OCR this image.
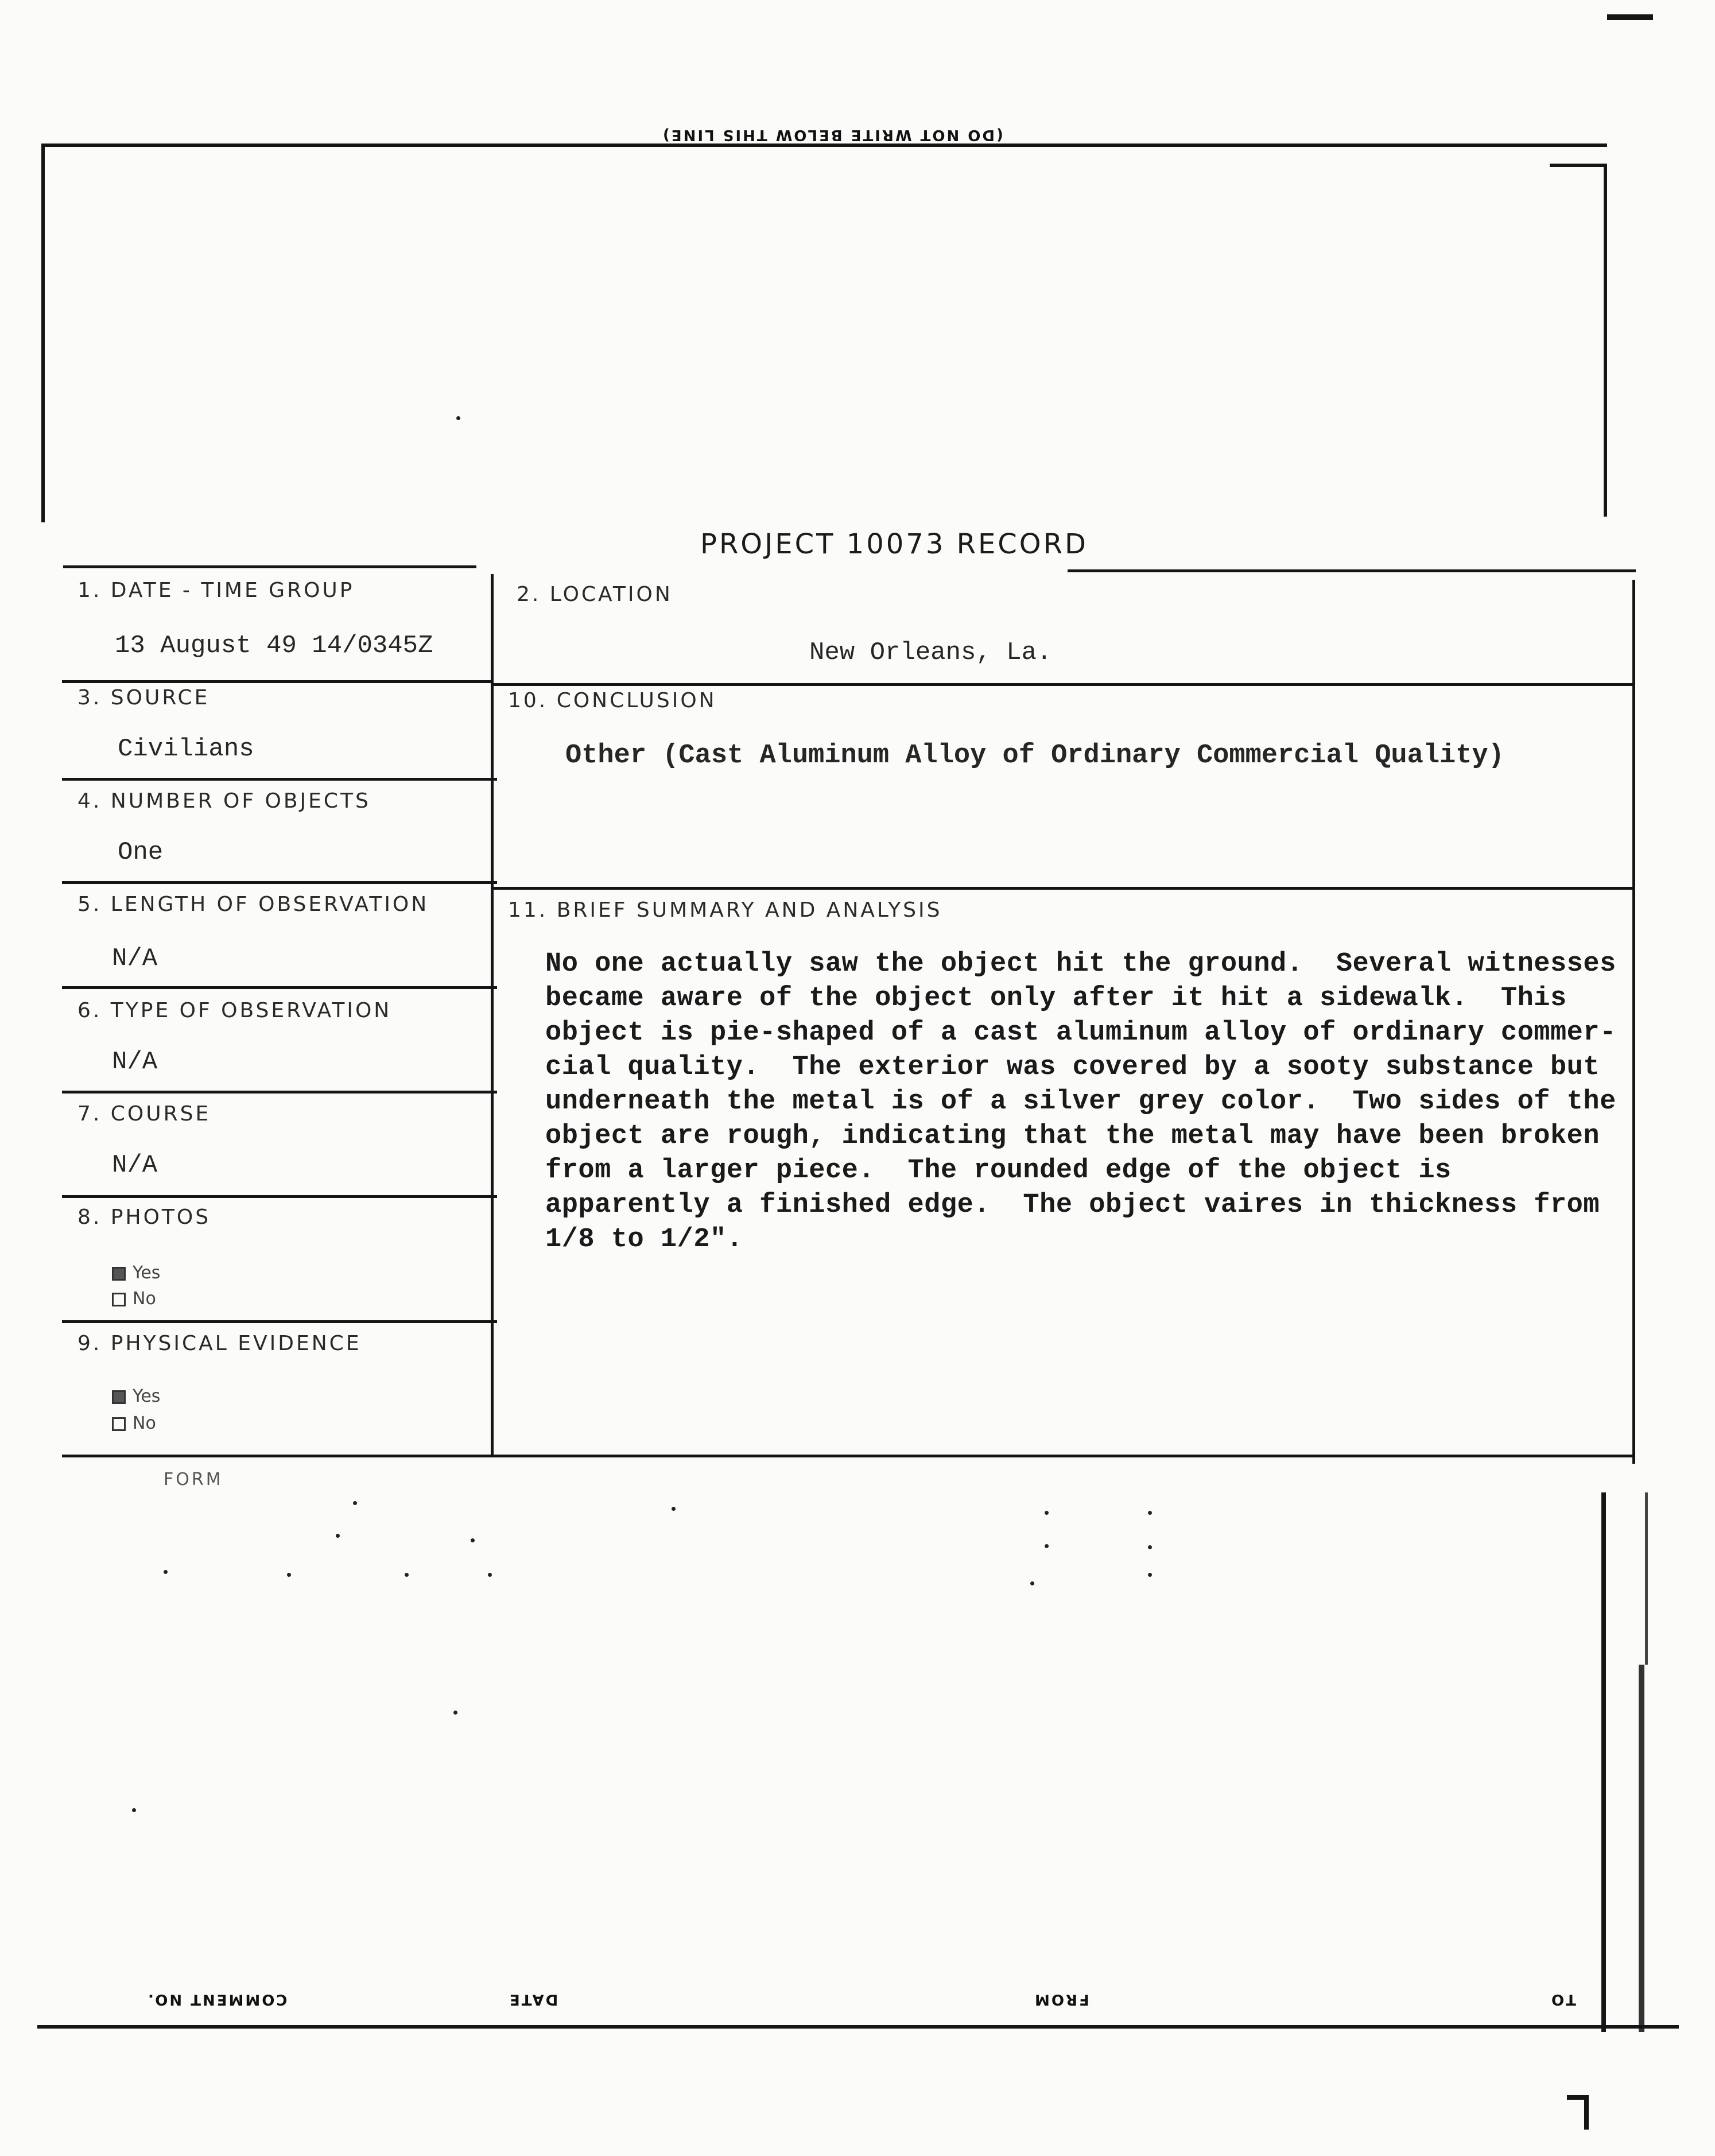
(DO NOT WRITE BELOW THIS LINE)
PROJECT 10073 RECORD
1. DATE - TIME GROUP
13 August 49 14/0345Z
2. LOCATION
New Orleans, La.
3. SOURCE
Civilians
10. CONCLUSION
Other (Cast Aluminum Alloy of Ordinary Commercial Quality)
4. NUMBER OF OBJECTS
One
5. LENGTH OF OBSERVATION
N/A
11. BRIEF SUMMARY AND ANALYSIS
No one actually saw the object hit the ground.  Several witnesses
became aware of the object only after it hit a sidewalk.  This
object is pie-shaped of a cast aluminum alloy of ordinary commer-
cial quality.  The exterior was covered by a sooty substance but
underneath the metal is of a silver grey color.  Two sides of the
object are rough, indicating that the metal may have been broken
from a larger piece.  The rounded edge of the object is
apparently a finished edge.  The object vaires in thickness from
1/8 to 1/2".
6. TYPE OF OBSERVATION
N/A
7. COURSE
N/A
8. PHOTOS
Yes
No
9. PHYSICAL EVIDENCE
Yes
No
FORM
COMMENT NO.	DATE	FROM	TO
